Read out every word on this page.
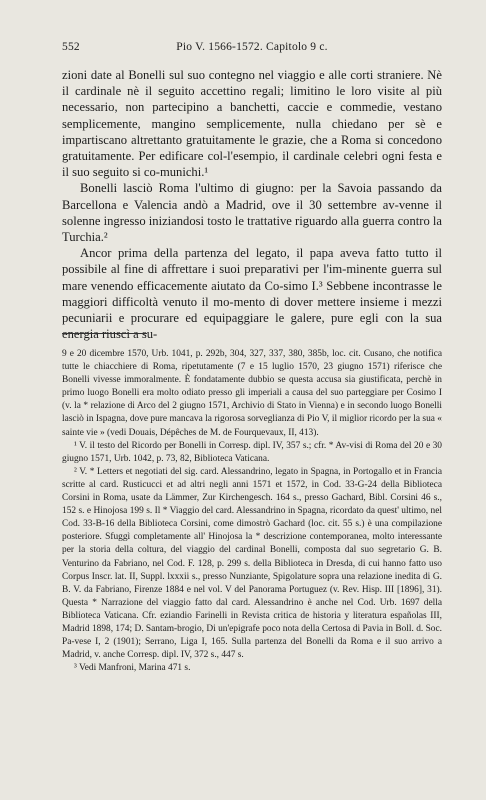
552	Pio V. 1566-1572. Capitolo 9 c.

zioni date al Bonelli sul suo contegno nel viaggio e alle corti straniere. Nè il cardinale nè il seguito accettino regali; limitino le loro visite al più necessario, non partecipino a banchetti, caccie e commedie, vestano semplicemente, mangino semplicemente, nulla chiedano per sè e impartiscano altrettanto gratuitamente le grazie, che a Roma si concedono gratuitamente. Per edificare col-l'esempio, il cardinale celebri ogni festa e il suo seguito si co-munichi.¹

Bonelli lasciò Roma l'ultimo di giugno: per la Savoia passando da Barcellona e Valencia andò a Madrid, ove il 30 settembre av-venne il solenne ingresso iniziandosi tosto le trattative riguardo alla guerra contro la Turchia.²

Ancor prima della partenza del legato, il papa aveva fatto tutto il possibile al fine di affrettare i suoi preparativi per l'im-minente guerra sul mare venendo efficacemente aiutato da Co-simo I.³ Sebbene incontrasse le maggiori difficoltà venuto il mo-mento di dover mettere insieme i mezzi pecuniarii e procurare ed equipaggiare le galere, pure egli con la sua energia riuscì a su-

9 e 20 dicembre 1570, Urb. 1041, p. 292b, 304, 327, 337, 380, 385b, loc. cit. Cusano, che notifica tutte le chiacchiere di Roma, ripetutamente (7 e 15 luglio 1570, 23 giugno 1571) riferisce che Bonelli vivesse immoralmente. È fondatamente dubbio se questa accusa sia giustificata, perchè in primo luogo Bonelli era molto odiato presso gli imperiali a causa del suo parteggiare per Cosimo I (v. la * relazione di Arco del 2 giugno 1571, Archivio di Stato in Vienna) e in secondo luogo Bonelli lasciò in Ispagna, dove pure mancava la rigorosa sorveglianza di Pio V, il miglior ricordo per la sua « sainte vie » (vedi Douais, Dépêches de M. de Fourquevaux, II, 413).

¹ V. il testo del Ricordo per Bonelli in Corresp. dipl. IV, 357 s.; cfr. * Av-visi di Roma del 20 e 30 giugno 1571, Urb. 1042, p. 73, 82, Biblioteca Vaticana.

² V. * Letters et negotiati del sig. card. Alessandrino, legato in Spagna, in Portogallo et in Francia scritte al card. Rusticucci et ad altri negli anni 1571 et 1572, in Cod. 33-G-24 della Biblioteca Corsini in Roma, usate da Lämmer, Zur Kirchengesch. 164 s., presso Gachard, Bibl. Corsini 46 s., 152 s. e Hinojosa 199 s. Il * Viaggio del card. Alessandrino in Spagna, ricordato da quest' ultimo, nel Cod. 33-B-16 della Biblioteca Corsini, come dimostrò Gachard (loc. cit. 55 s.) è una compilazione posteriore. Sfuggì completamente all' Hinojosa la * descrizione contemporanea, molto interessante per la storia della coltura, del viaggio del cardinal Bonelli, composta dal suo segretario G. B. Venturino da Fabriano, nel Cod. F. 128, p. 299 s. della Biblioteca in Dresda, di cui hanno fatto uso Corpus Inscr. lat. II, Suppl. lxxxii s., presso Nunziante, Spigolature sopra una relazione inedita di G. B. V. da Fabriano, Firenze 1884 e nel vol. V del Panorama Portuguez (v. Rev. Hisp. III [1896], 31). Questa * Narrazione del viaggio fatto dal card. Alessandrino è anche nel Cod. Urb. 1697 della Biblioteca Vaticana. Cfr. eziandio Farinelli in Revista critica de historia y literatura españolas III, Madrid 1898, 174; D. Santam-brogio, Di un'epigrafe poco nota della Certosa di Pavia in Boll. d. Soc. Pa-vese I, 2 (1901); Serrano, Liga I, 165. Sulla partenza del Bonelli da Roma e il suo arrivo a Madrid, v. anche Corresp. dipl. IV, 372 s., 447 s.

³ Vedi Manfroni, Marina 471 s.
